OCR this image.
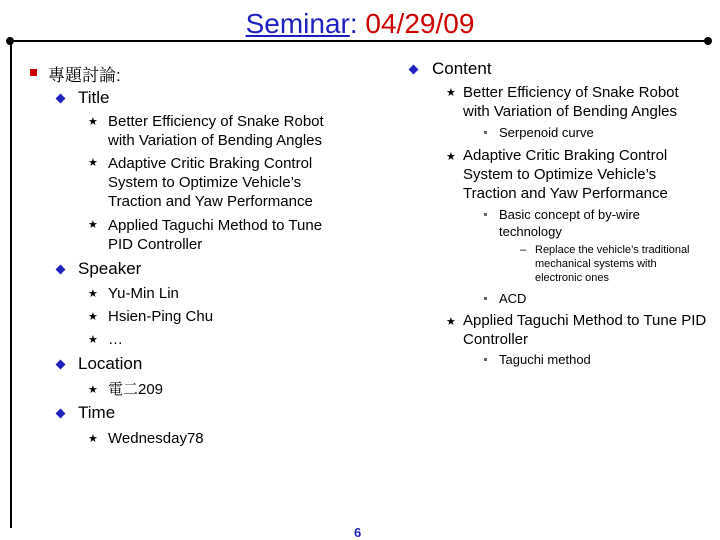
Seminar: 04/29/09
專題討論:
Title
★ Better Efficiency of Snake Robot with Variation of Bending Angles
★ Adaptive Critic Braking Control System to Optimize Vehicle’s Traction and Yaw Performance
★ Applied Taguchi Method to Tune PID Controller
Speaker
★ Yu-Min Lin
★ Hsien-Ping Chu
★ …
Location
★ 電二209
Time
★ Wednesday78
Content
★ Better Efficiency of Snake Robot with Variation of Bending Angles
Serpenoid curve
★ Adaptive Critic Braking Control System to Optimize Vehicle’s Traction and Yaw Performance
Basic concept of by-wire technology
– Replace the vehicle’s traditional mechanical systems with electronic ones
ACD
★ Applied Taguchi Method to Tune PID Controller
Taguchi method
6
